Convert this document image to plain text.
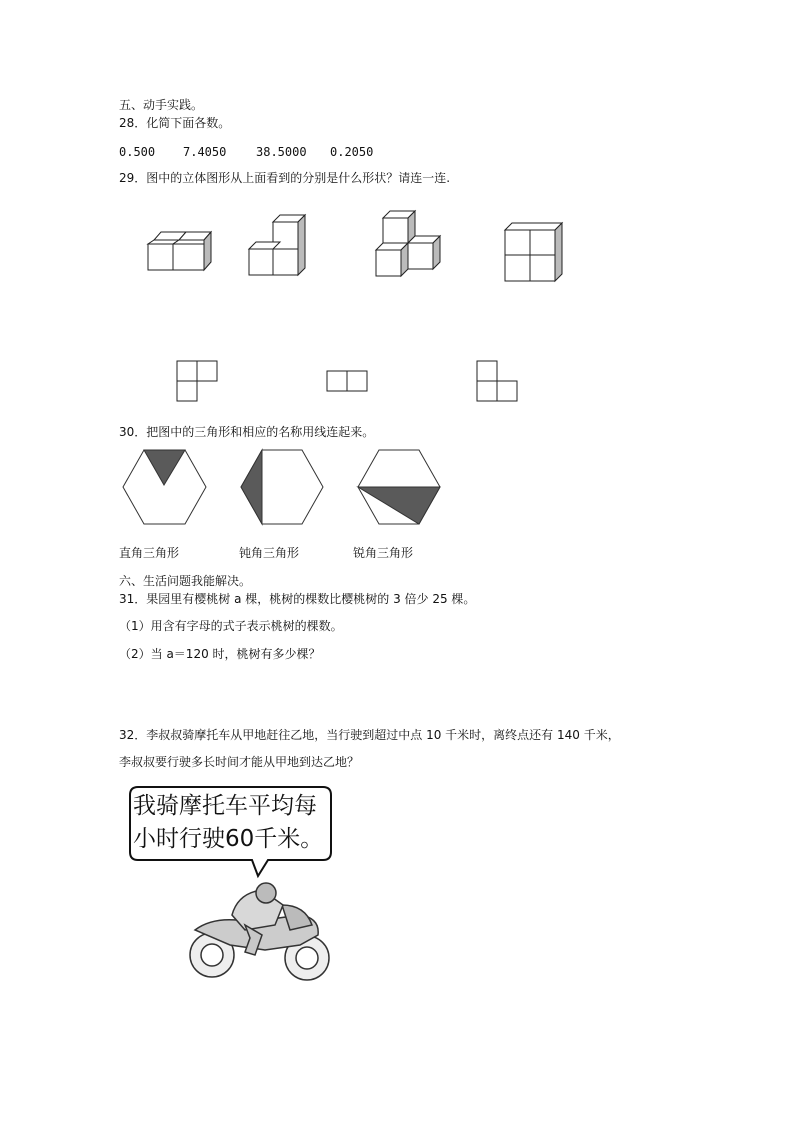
五、动手实践。
28．化简下面各数。
0.500 7.4050 38.5000 0.2050
29．图中的立体图形从上面看到的分别是什么形状？请连一连.
30．把图中的三角形和相应的名称用线连起来。
直角三角形	钝角三角形	锐角三角形
六、生活问题我能解决。
31．果园里有樱桃树 a 棵，桃树的棵数比樱桃树的 3 倍少 25 棵。
（1）用含有字母的式子表示桃树的棵数。
（2）当 a＝120 时，桃树有多少棵？
32．李叔叔骑摩托车从甲地赶往乙地，当行驶到超过中点 10 千米时，离终点还有 140 千米，
李叔叔要行驶多长时间才能从甲地到达乙地？
我骑摩托车平均每
小时行驶60千米。
